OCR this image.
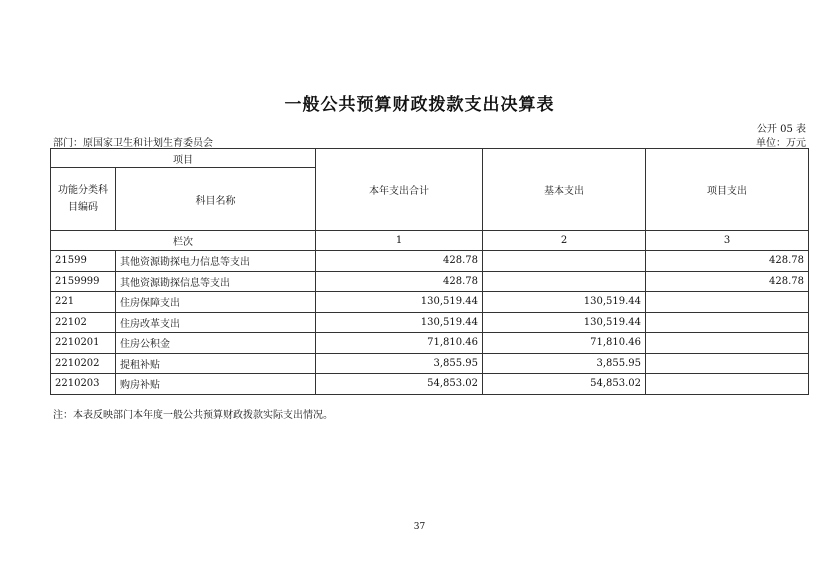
一般公共预算财政拨款支出决算表
公开 05 表
部门：原国家卫生和计划生育委员会	单位：万元
项目		本年支出合计	基本支出	项目支出
功能分类科目编码	科目名称			
栏次		1	2	3
21599	其他资源勘探电力信息等支出	428.78		428.78
2159999	其他资源勘探信息等支出	428.78		428.78
221	住房保障支出	130,519.44	130,519.44	
22102	住房改革支出	130,519.44	130,519.44	
2210201	住房公积金	71,810.46	71,810.46	
2210202	提租补贴	3,855.95	3,855.95	
2210203	购房补贴	54,853.02	54,853.02	
注：本表反映部门本年度一般公共预算财政拨款实际支出情况。
37
